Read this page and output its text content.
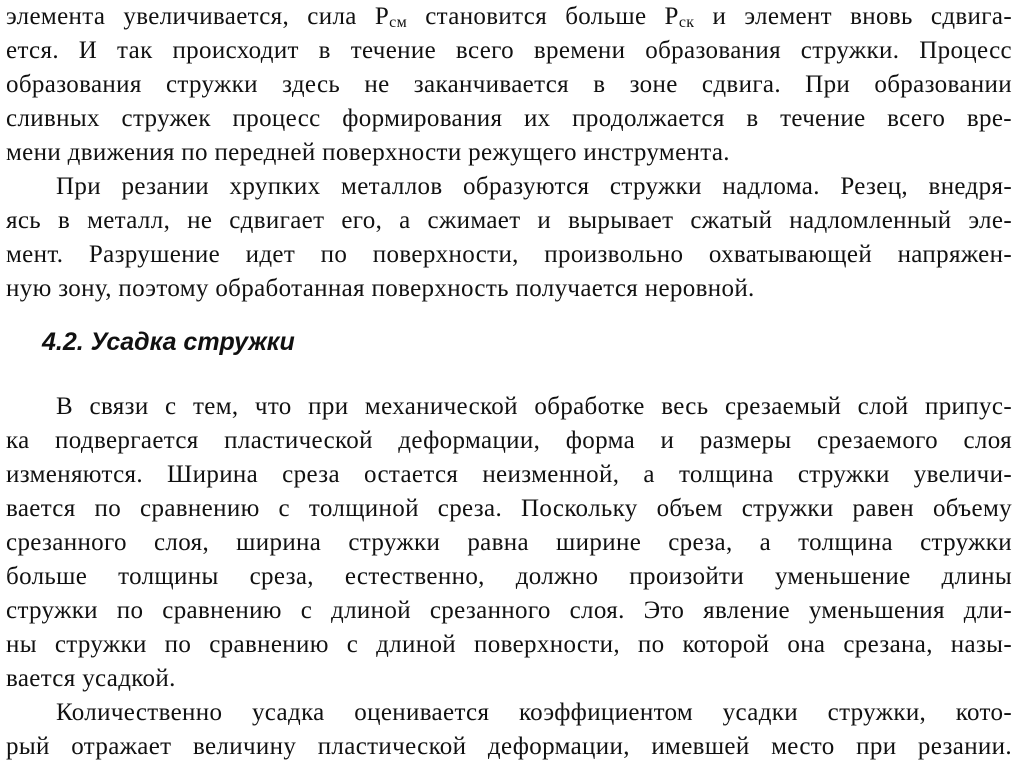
элемента увеличивается, сила Pсм становится больше Pск и элемент вновь сдвига-
ется. И так происходит в течение всего времени образования стружки. Процесс
образования стружки здесь не заканчивается в зоне сдвига. При образовании
сливных стружек процесс формирования их продолжается в течение всего вре-
мени движения по передней поверхности режущего инструмента.
При резании хрупких металлов образуются стружки надлома. Резец, внедря-
ясь в металл, не сдвигает его, а сжимает и вырывает сжатый надломленный эле-
мент. Разрушение идет по поверхности, произвольно охватывающей напряжен-
ную зону, поэтому обработанная поверхность получается неровной.
4.2. Усадка стружки
В связи с тем, что при механической обработке весь срезаемый слой припус-
ка подвергается пластической деформации, форма и размеры срезаемого слоя
изменяются. Ширина среза остается неизменной, а толщина стружки увеличи-
вается по сравнению с толщиной среза. Поскольку объем стружки равен объему
срезанного слоя, ширина стружки равна ширине среза, а толщина стружки
больше толщины среза, естественно, должно произойти уменьшение длины
стружки по сравнению с длиной срезанного слоя. Это явление уменьшения дли-
ны стружки по сравнению с длиной поверхности, по которой она срезана, назы-
вается усадкой.
Количественно усадка оценивается коэффициентом усадки стружки, кото-
рый отражает величину пластической деформации, имевшей место при резании.
